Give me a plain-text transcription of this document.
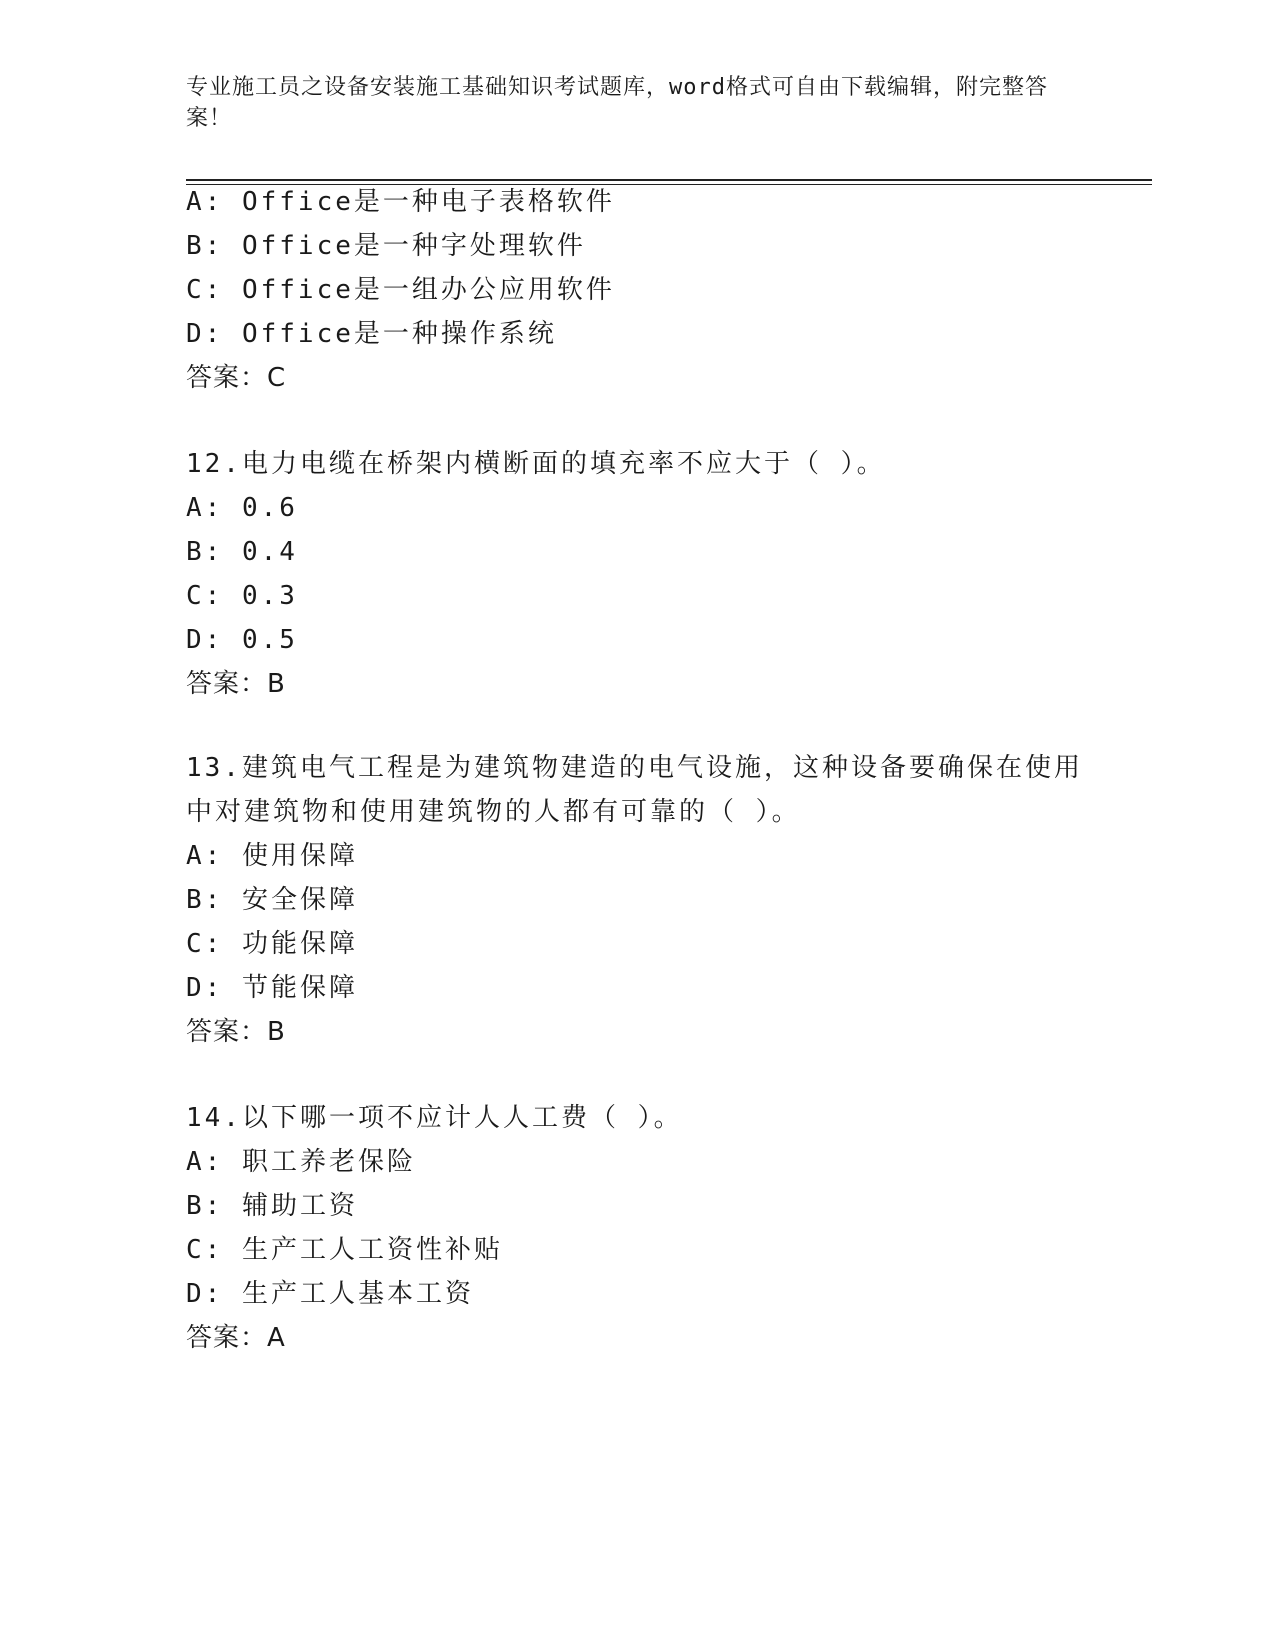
专业施工员之设备安装施工基础知识考试题库，word格式可自由下载编辑，附完整答案！
A: Office是一种电子表格软件
B: Office是一种字处理软件
C: Office是一组办公应用软件
D: Office是一种操作系统
答案：C
12.电力电缆在桥架内横断面的填充率不应大于（ ）。
A: 0.6
B: 0.4
C: 0.3
D: 0.5
答案：B
13.建筑电气工程是为建筑物建造的电气设施，这种设备要确保在使用
中对建筑物和使用建筑物的人都有可靠的（ ）。
A: 使用保障
B: 安全保障
C: 功能保障
D: 节能保障
答案：B
14.以下哪一项不应计人人工费（ ）。
A: 职工养老保险
B: 辅助工资
C: 生产工人工资性补贴
D: 生产工人基本工资
答案：A
